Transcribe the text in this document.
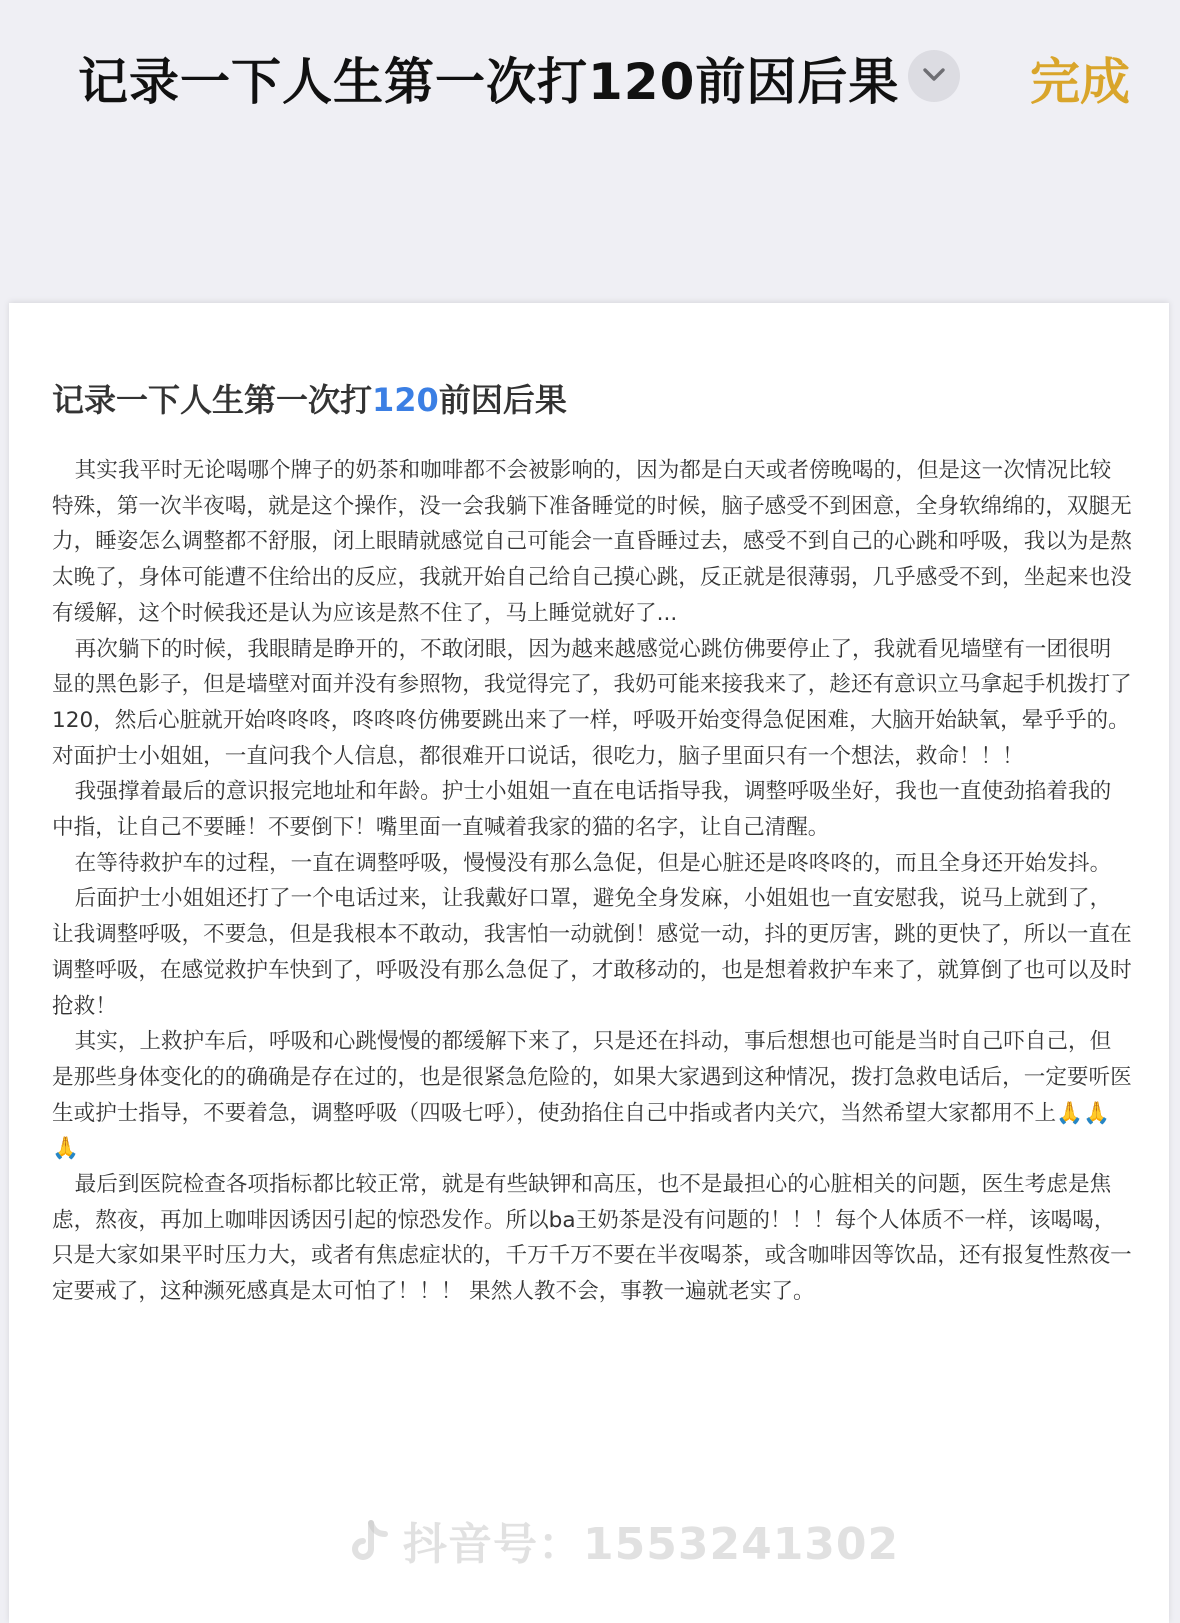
记录一下人生第一次打120前因后果	完成
记录一下人生第一次打120前因后果

其实我平时无论喝哪个牌子的奶茶和咖啡都不会被影响的，因为都是白天或者傍晚喝的，但是这一次情况比较特殊，第一次半夜喝，就是这个操作，没一会我躺下准备睡觉的时候，脑子感受不到困意，全身软绵绵的，双腿无力，睡姿怎么调整都不舒服，闭上眼睛就感觉自己可能会一直昏睡过去，感受不到自己的心跳和呼吸，我以为是熬太晚了，身体可能遭不住给出的反应，我就开始自己给自己摸心跳，反正就是很薄弱，几乎感受不到，坐起来也没有缓解，这个时候我还是认为应该是熬不住了，马上睡觉就好了...

再次躺下的时候，我眼睛是睁开的，不敢闭眼，因为越来越感觉心跳仿佛要停止了，我就看见墙壁有一团很明显的黑色影子，但是墙壁对面并没有参照物，我觉得完了，我奶可能来接我来了，趁还有意识立马拿起手机拨打了120，然后心脏就开始咚咚咚，咚咚咚仿佛要跳出来了一样，呼吸开始变得急促困难，大脑开始缺氧，晕乎乎的。对面护士小姐姐，一直问我个人信息，都很难开口说话，很吃力，脑子里面只有一个想法，救命！！！

我强撑着最后的意识报完地址和年龄。护士小姐姐一直在电话指导我，调整呼吸坐好，我也一直使劲掐着我的中指，让自己不要睡！不要倒下！嘴里面一直喊着我家的猫的名字，让自己清醒。

在等待救护车的过程，一直在调整呼吸，慢慢没有那么急促，但是心脏还是咚咚咚的，而且全身还开始发抖。

后面护士小姐姐还打了一个电话过来，让我戴好口罩，避免全身发麻，小姐姐也一直安慰我，说马上就到了，让我调整呼吸，不要急，但是我根本不敢动，我害怕一动就倒！感觉一动，抖的更厉害，跳的更快了，所以一直在调整呼吸，在感觉救护车快到了，呼吸没有那么急促了，才敢移动的，也是想着救护车来了，就算倒了也可以及时抢救！

其实，上救护车后，呼吸和心跳慢慢的都缓解下来了，只是还在抖动，事后想想也可能是当时自己吓自己，但是那些身体变化的的确确是存在过的，也是很紧急危险的，如果大家遇到这种情况，拨打急救电话后，一定要听医生或护士指导，不要着急，调整呼吸（四吸七呼），使劲掐住自己中指或者内关穴，当然希望大家都用不上🙏🙏🙏

最后到医院检查各项指标都比较正常，就是有些缺钾和高压，也不是最担心的心脏相关的问题，医生考虑是焦虑，熬夜，再加上咖啡因诱因引起的惊恐发作。所以ba王奶茶是没有问题的！！！每个人体质不一样，该喝喝，只是大家如果平时压力大，或者有焦虑症状的，千万千万不要在半夜喝茶，或含咖啡因等饮品，还有报复性熬夜一定要戒了，这种濒死感真是太可怕了！！！ 果然人教不会，事教一遍就老实了。

抖音号：1553241302
